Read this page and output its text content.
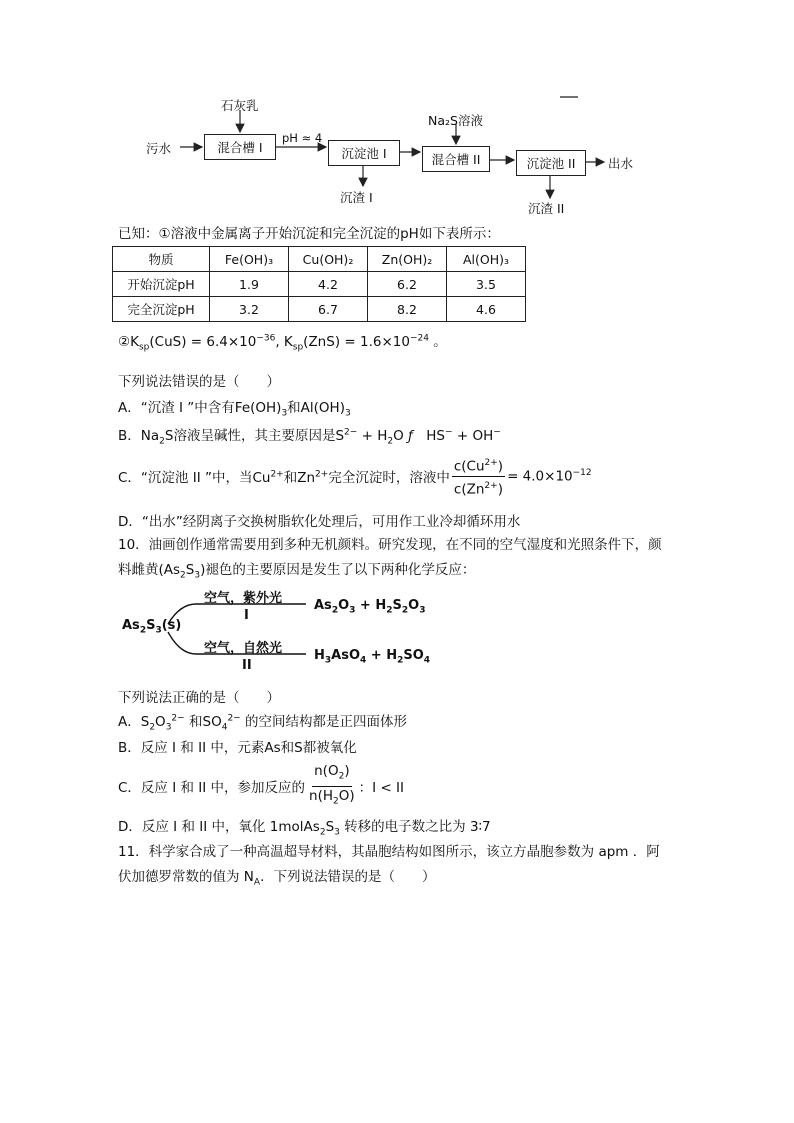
石灰乳
Na₂S溶液
污水	混合槽 I
pH ≈ 4
沉淀池 I	混合槽 II	沉淀池 II	出水
沉渣 I
沉渣 II
已知：①溶液中金属离子开始沉淀和完全沉淀的pH如下表所示：
物质	Fe(OH)₃	Cu(OH)₂	Zn(OH)₂	Al(OH)₃
开始沉淀pH	1.9	4.2	6.2	3.5
完全沉淀pH	3.2	6.7	8.2	4.6
$②K_{sp}(CuS) = 6.4\times 10^{-36}$, $K_{sp}(ZnS) = 1.6\times 10^{-24}$ 。
下列说法错误的是（　　）
A．“沉渣 I ”中含有$Fe(OH)_3$和$Al(OH)_3$
B．$Na_2S$溶液呈碱性，其主要原因是$S^{2-} + H_2O$ ƒ　HS− + OH−
C．“沉淀池 II ”中，当$Cu^{2+}$和$Zn^{2+}$完全沉淀时，溶液中 $\frac{c(Cu^{2+})}{c(Zn^{2+})} = 4.0\times 10^{-12}$
D．“出水”经阴离子交换树脂软化处理后，可用作工业冷却循环用水
10．油画创作通常需要用到多种无机颜料。研究发现，在不同的空气湿度和光照条件下，颜
料雌黄$(As_2S_3)$褪色的主要原因是发生了以下两种化学反应：
$As_2S_3(s)$
空气，紫外光
I
$As_2O_3 + H_2S_2O_3$
空气，自然光
II
$H_3AsO_4 + H_2SO_4$
下列说法正确的是（　　）
A．$S_2O_3^{2-}$ 和$SO_4^{2-}$ 的空间结构都是正四面体形
B．反应 I 和 II 中，元素As和S都被氧化
C．反应 I 和 II 中，参加反应的 $\frac{n(O_2)}{n(H_2O)}$ ：I < II
D．反应 I 和 II 中，氧化 $1molAs_2S_3$ 转移的电子数之比为 3∶7
11．科学家合成了一种高温超导材料，其晶胞结构如图所示，该立方晶胞参数为 apm ．阿
伏加德罗常数的值为 $N_A$．下列说法错误的是（　　）
